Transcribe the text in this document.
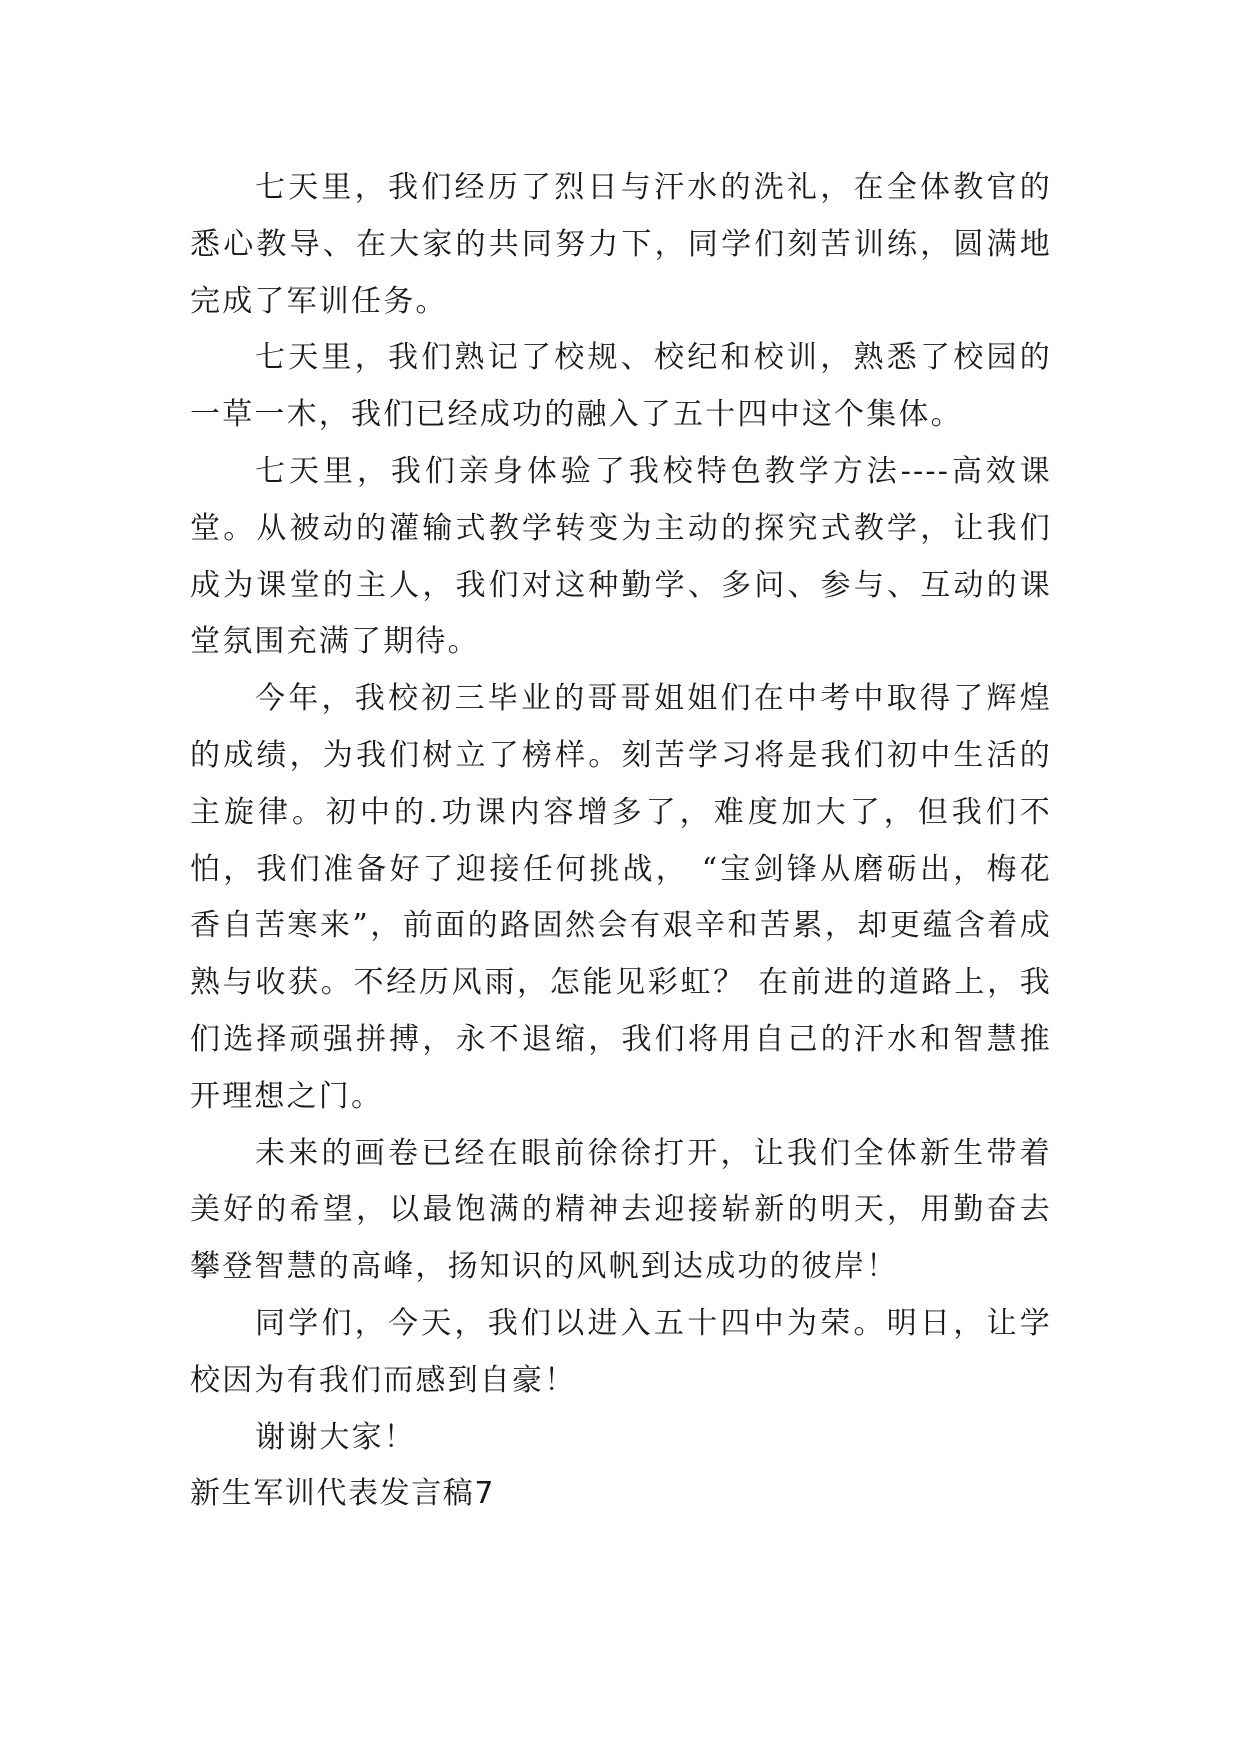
七天里，我们经历了烈日与汗水的洗礼，在全体教官的悉心教导、在大家的共同努力下，同学们刻苦训练，圆满地完成了军训任务。

七天里，我们熟记了校规、校纪和校训，熟悉了校园的一草一木，我们已经成功的融入了五十四中这个集体。

七天里，我们亲身体验了我校特色教学方法----高效课堂。从被动的灌输式教学转变为主动的探究式教学，让我们成为课堂的主人，我们对这种勤学、多问、参与、互动的课堂氛围充满了期待。

今年，我校初三毕业的哥哥姐姐们在中考中取得了辉煌的成绩，为我们树立了榜样。刻苦学习将是我们初中生活的主旋律。初中的.功课内容增多了，难度加大了，但我们不怕，我们准备好了迎接任何挑战， “宝剑锋从磨砺出，梅花香自苦寒来”，前面的路固然会有艰辛和苦累，却更蕴含着成熟与收获。不经历风雨，怎能见彩虹？ 在前进的道路上，我们选择顽强拼搏，永不退缩，我们将用自己的汗水和智慧推开理想之门。

未来的画卷已经在眼前徐徐打开，让我们全体新生带着美好的希望，以最饱满的精神去迎接崭新的明天，用勤奋去攀登智慧的高峰，扬知识的风帆到达成功的彼岸！

同学们，今天，我们以进入五十四中为荣。明日，让学校因为有我们而感到自豪！

谢谢大家！

新生军训代表发言稿7
